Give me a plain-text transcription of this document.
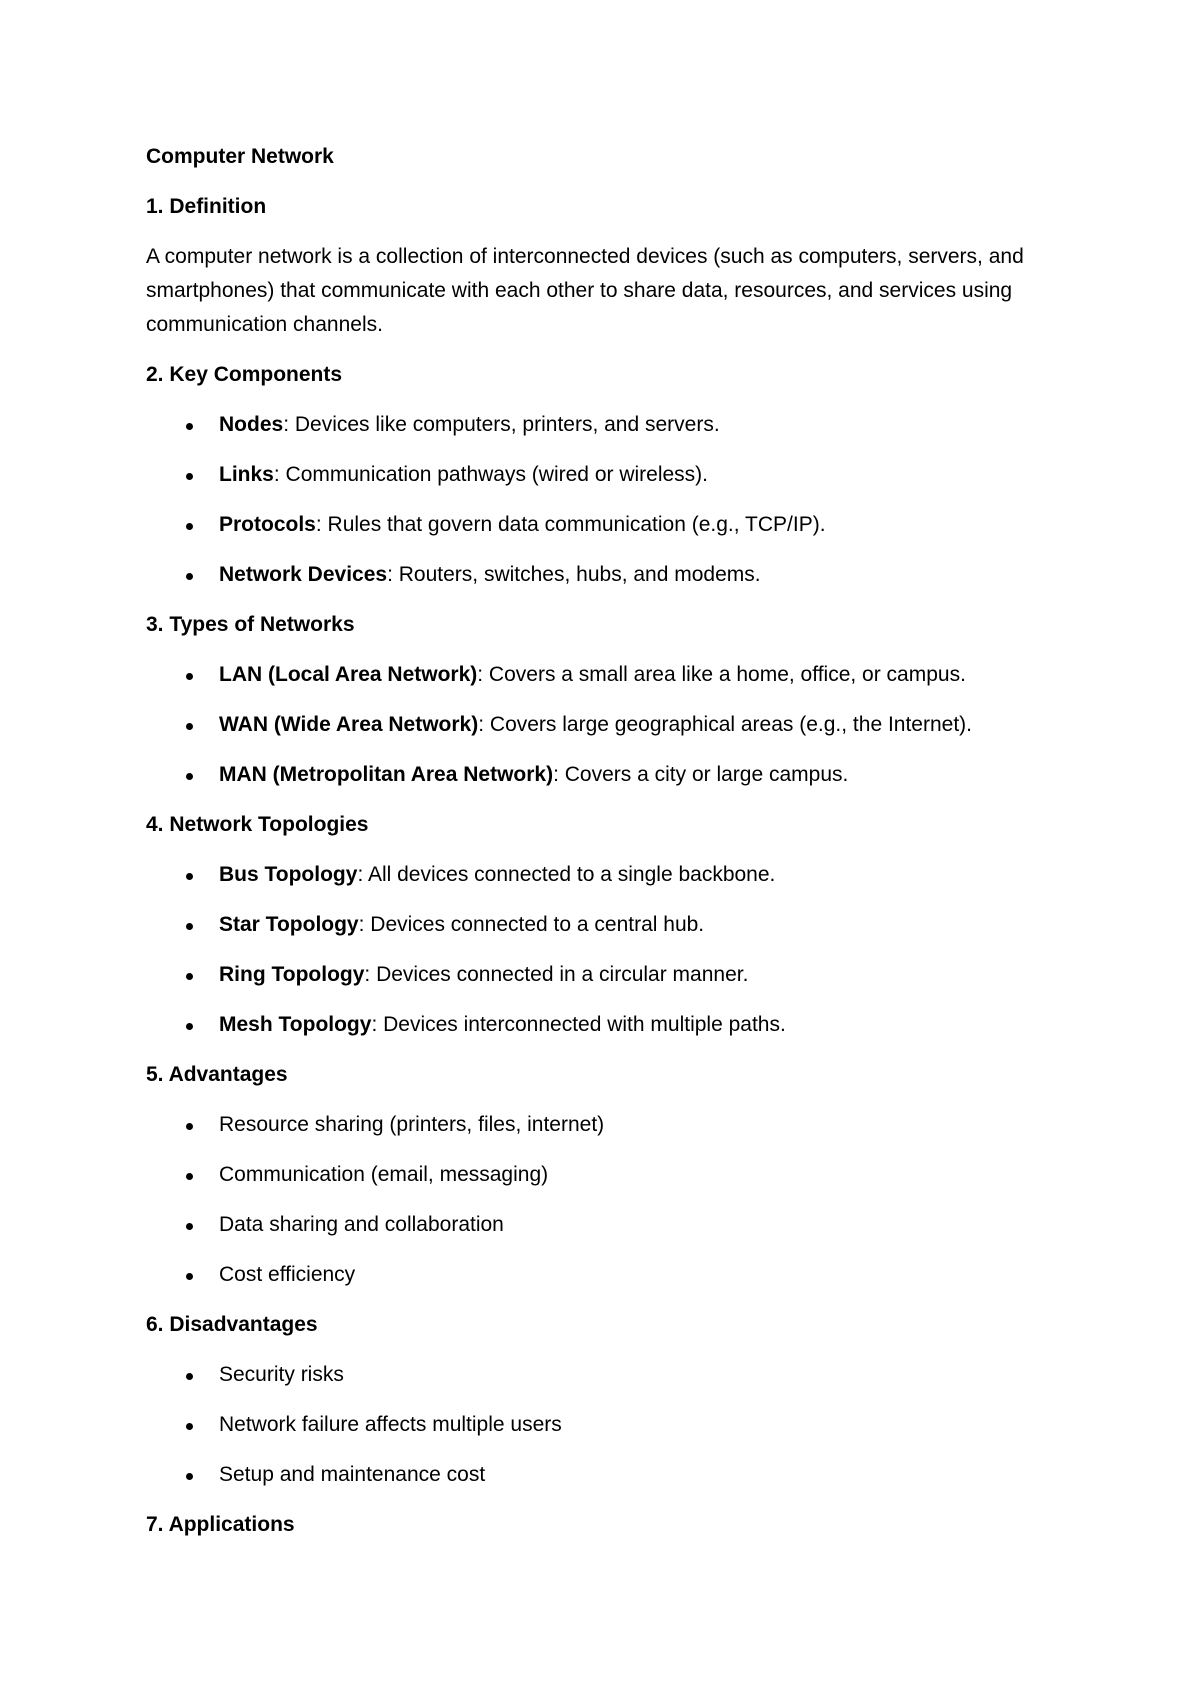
Computer Network
1. Definition
A computer network is a collection of interconnected devices (such as computers, servers, and smartphones) that communicate with each other to share data, resources, and services using communication channels.
2. Key Components
Nodes: Devices like computers, printers, and servers.
Links: Communication pathways (wired or wireless).
Protocols: Rules that govern data communication (e.g., TCP/IP).
Network Devices: Routers, switches, hubs, and modems.
3. Types of Networks
LAN (Local Area Network): Covers a small area like a home, office, or campus.
WAN (Wide Area Network): Covers large geographical areas (e.g., the Internet).
MAN (Metropolitan Area Network): Covers a city or large campus.
4. Network Topologies
Bus Topology: All devices connected to a single backbone.
Star Topology: Devices connected to a central hub.
Ring Topology: Devices connected in a circular manner.
Mesh Topology: Devices interconnected with multiple paths.
5. Advantages
Resource sharing (printers, files, internet)
Communication (email, messaging)
Data sharing and collaboration
Cost efficiency
6. Disadvantages
Security risks
Network failure affects multiple users
Setup and maintenance cost
7. Applications
